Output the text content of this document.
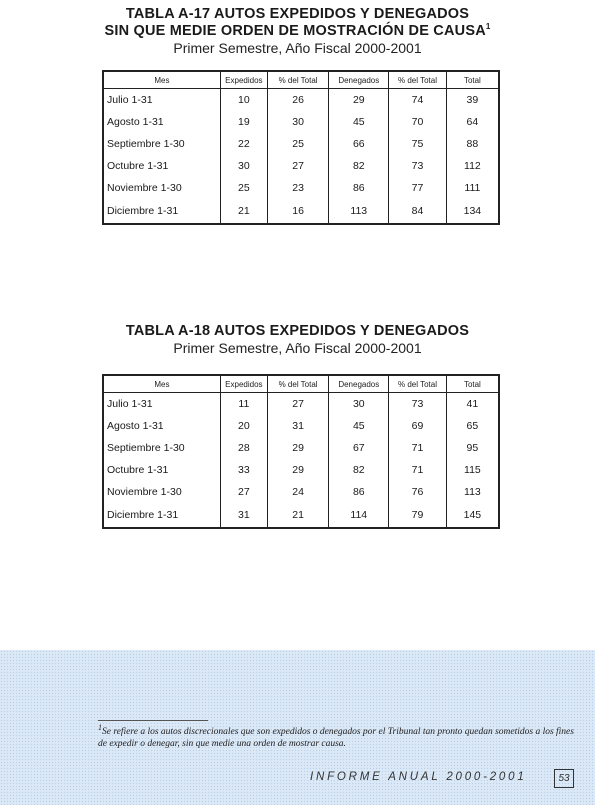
TABLA A-17 AUTOS EXPEDIDOS Y DENEGADOS
SIN QUE MEDIE ORDEN DE MOSTRACIÓN DE CAUSA$^1$
Primer Semestre, Año Fiscal 2000-2001
Mes	Expedidos	% del Total	Denegados	% del Total	Total
Julio 1-31	10	26	29	74	39
Agosto 1-31	19	30	45	70	64
Septiembre 1-30	22	25	66	75	88
Octubre 1-31	30	27	82	73	112
Noviembre 1-30	25	23	86	77	111
Diciembre 1-31	21	16	113	84	134
TABLA A-18 AUTOS EXPEDIDOS Y DENEGADOS
Primer Semestre, Año Fiscal 2000-2001
Mes	Expedidos	% del Total	Denegados	% del Total	Total
Julio 1-31	11	27	30	73	41
Agosto 1-31	20	31	45	69	65
Septiembre 1-30	28	29	67	71	95
Octubre 1-31	33	29	82	71	115
Noviembre 1-30	27	24	86	76	113
Diciembre 1-31	31	21	114	79	145
$^1$Se refiere a los autos discrecionales que son expedidos o denegados por el Tribunal tan pronto quedan sometidos a los fines de expedir o denegar, sin que medie una orden de mostrar causa.
INFORME ANUAL 2000-2001	53
